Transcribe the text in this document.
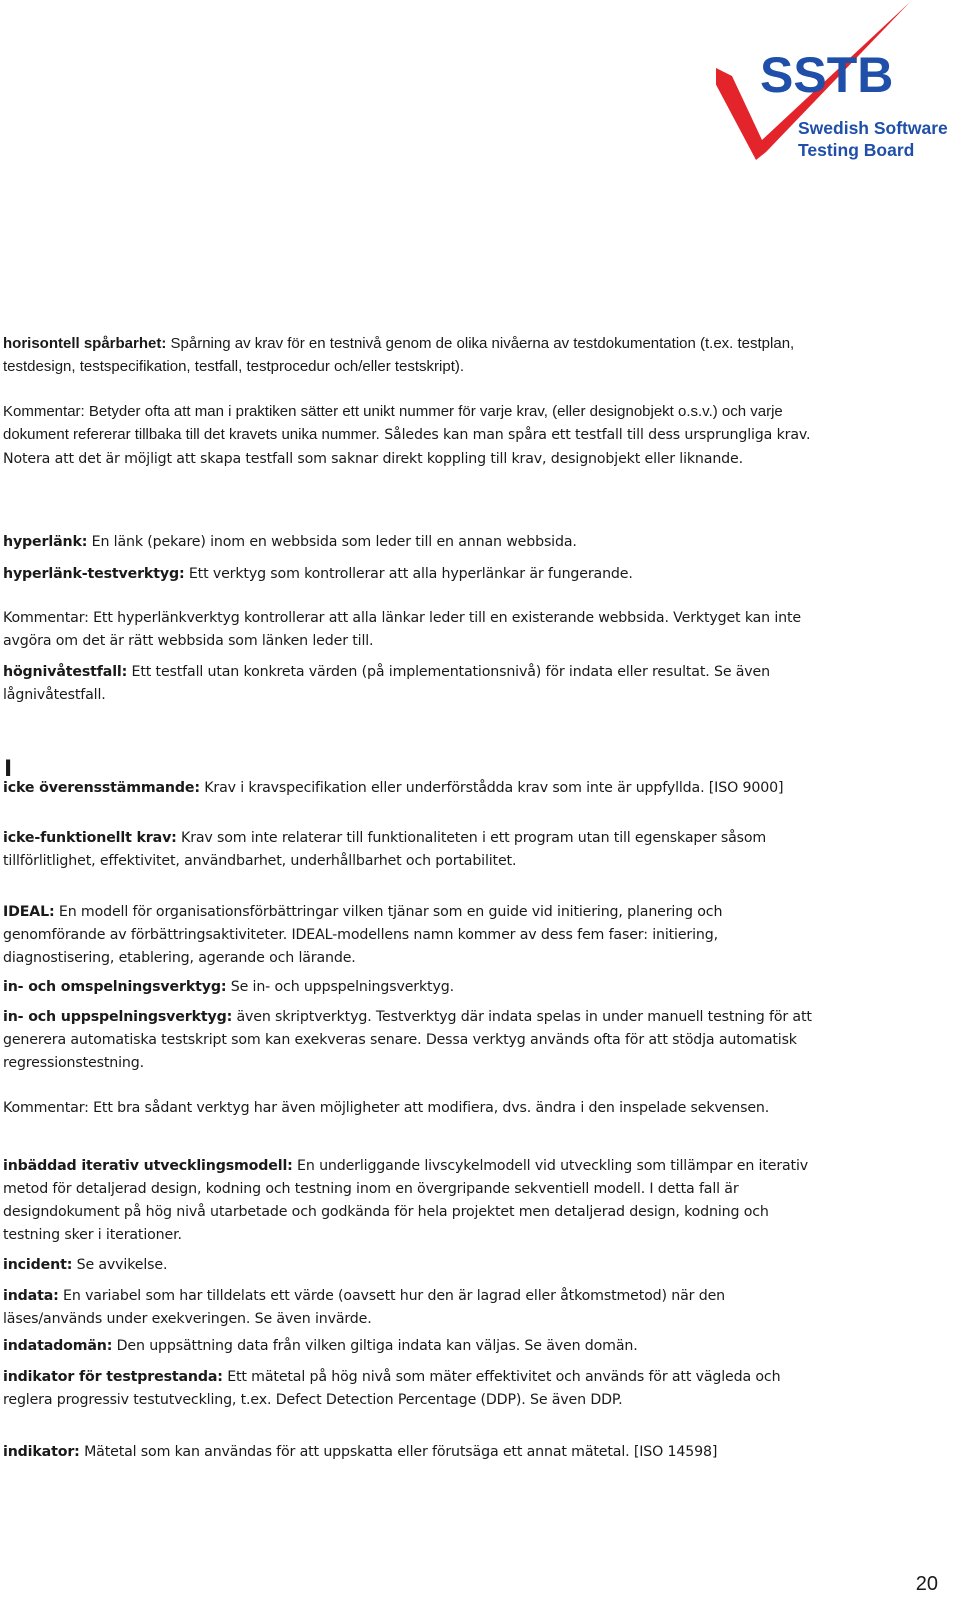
SSTB
Swedish Software
Testing Board

horisontell spårbarhet: Spårning av krav för en testnivå genom de olika nivåerna av testdokumentation (t.ex. testplan, testdesign, testspecifikation, testfall, testprocedur och/eller testskript).

Kommentar: Betyder ofta att man i praktiken sätter ett unikt nummer för varje krav, (eller designobjekt o.s.v.) och varje dokument refererar tillbaka till det kravets unika nummer. Således kan man spåra ett testfall till dess ursprungliga krav. Notera att det är möjligt att skapa testfall som saknar direkt koppling till krav, designobjekt eller liknande.

hyperlänk: En länk (pekare) inom en webbsida som leder till en annan webbsida.

hyperlänk-testverktyg: Ett verktyg som kontrollerar att alla hyperlänkar är fungerande.

Kommentar: Ett hyperlänkverktyg kontrollerar att alla länkar leder till en existerande webbsida. Verktyget kan inte avgöra om det är rätt webbsida som länken leder till.

högnivåtestfall: Ett testfall utan konkreta värden (på implementationsnivå) för indata eller resultat. Se även lågnivåtestfall.

icke överensstämmande: Krav i kravspecifikation eller underförstådda krav som inte är uppfyllda. [ISO 9000]

icke-funktionellt krav: Krav som inte relaterar till funktionaliteten i ett program utan till egenskaper såsom tillförlitlighet, effektivitet, användbarhet, underhållbarhet och portabilitet.

IDEAL: En modell för organisationsförbättringar vilken tjänar som en guide vid initiering, planering och genomförande av förbättringsaktiviteter. IDEAL-modellens namn kommer av dess fem faser: initiering, diagnostisering, etablering, agerande och lärande.

in- och omspelningsverktyg: Se in- och uppspelningsverktyg.

in- och uppspelningsverktyg: även skriptverktyg. Testverktyg där indata spelas in under manuell testning för att generera automatiska testskript som kan exekveras senare. Dessa verktyg används ofta för att stödja automatisk regressionstestning.

Kommentar: Ett bra sådant verktyg har även möjligheter att modifiera, dvs. ändra i den inspelade sekvensen.

inbäddad iterativ utvecklingsmodell: En underliggande livscykelmodell vid utveckling som tillämpar en iterativ metod för detaljerad design, kodning och testning inom en övergripande sekventiell modell. I detta fall är designdokument på hög nivå utarbetade och godkända för hela projektet men detaljerad design, kodning och testning sker i iterationer.

incident: Se avvikelse.

indata: En variabel som har tilldelats ett värde (oavsett hur den är lagrad eller åtkomstmetod) när den läses/används under exekveringen. Se även invärde.

indatadomän: Den uppsättning data från vilken giltiga indata kan väljas. Se även domän.

indikator för testprestanda: Ett mätetal på hög nivå som mäter effektivitet och används för att vägleda och reglera progressiv testutveckling, t.ex. Defect Detection Percentage (DDP). Se även DDP.

indikator: Mätetal som kan användas för att uppskatta eller förutsäga ett annat mätetal. [ISO 14598]

I
20
